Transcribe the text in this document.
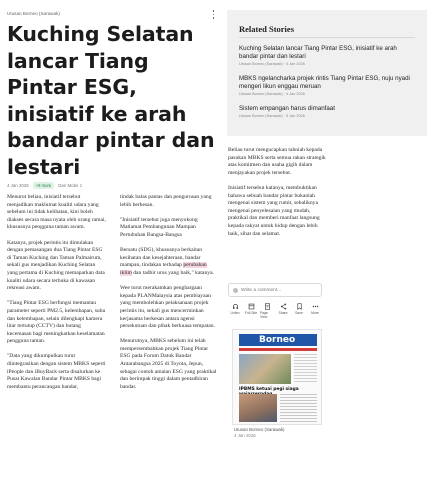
Utusan Borneo (Sarawak)
Kuching Selatan lancar Tiang Pintar ESG, inisiatif ke arah bandar pintar dan lestari
4 Jan 2026	+8 more	Dari Mobe 1

Menurut beliau, inisiatif tersebut menjadikan maklumat kualiti udara yang sebelum ini tidak kelihatan, kini boleh diakses secara masa nyata oleh orang ramai, khususnya pengguna taman awam.

Katanya, projek perintis itu dimulakan dengan pemasangan dua Tiang Pintar ESG di Taman Kuching dan Taman Palmairum, sekali gus menjadikan Kuching Selatan yang pertama di Kuching memaparkan data kualiti udara secara terbuka di kawasan rekreasi awam.

"Tiang Pintar ESG berfungsi memantau parameter seperti PM2.5, kelembapan, suhu dan kelembapan, selain dilengkapi kamera litar tertutup (CCTV) dan butang kecemasan bagi meningkatkan keselamatan pengguna taman.

"Data yang dikumpulkan turut diintegrasikan dengan sistem MBKS seperti iPeople dan iBuyBack serta disalurkan ke Pusat Kawalan Bandar Pintar MBKS bagi membantu perancangan bandar,

tindak balas pantas dan pengurusan yang lebih berkesan.

"Inisiatif tersebut juga menyokong Matlamat Pembangunan Mampan Pertubuhan Bangsa-Bangsa

Bersatu (SDG), khususnya berkaitan kesihatan dan kesejahteraan, bandar mampan, tindakan terhadap perubahan iklim dan tadbir urus yang baik," katanya.

Wee turut merakamkan penghargaan kepada PLANMalaysia atas pembiayaan yang membolehkan pelaksanaan projek perintis itu, sekali gus mencerminkan kerjasama berkesan antara agensi persekutuan dan pihak berkuasa tempatan.

Menurutnya, MBKS sebelum ini telah mempersembahkan projek Tiang Pintar ESG pada Forum Datuk Bandar Antarabangsa 2025 di Toyota, Jepun, sebagai contoh amalan ESG yang praktikal dan berimpak tinggi dalam pentadbiran bandar.

Related Stories
Kuching Selatan lancar Tiang Pintar ESG, inisiatif ke arah bandar pintar dan lestari
Utusan Borneo (Sarawak) · 4 Jan 2026
MBKS ngelancharka projek rintis Tiang Pintar ESG, nuju nyadi mengeri likun enggau meruan
Utusan Borneo (Sarawak) · 4 Jan 2026
Sistem empangan harus dimanfaat
Utusan Borneo (Sarawak) · 5 Jan 2026

Beliau turut mengucapkan tahniah kepada pasukan MBKS serta semua rakan strategik atas komitmen dan usaha gigih dalam menjayakan projek tersebut.

Inisiatif tersebut katanya, membuktikan bahawa sebuah bandar pintar bukanlah mengenai sistem yang rumit, sebaliknya mengenai penyelesaian yang mudah, praktikal dan memberi manfaat langsung kepada rakyat untuk hidup dengan lebih baik, sihat dan selamat.

Write a comment...
Listen Full Site Page View
Share Save More
Borneo
IPBMS ketuai pegi siaga
Utusan Borneo (Sarawak)
4 Jan 2026
